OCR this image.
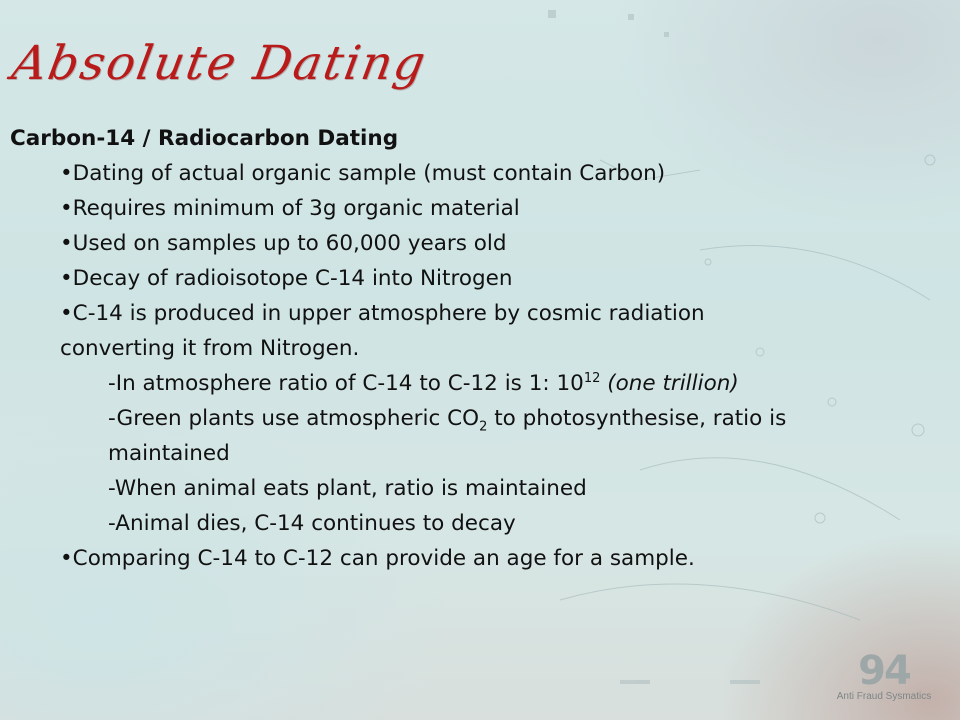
Absolute Dating

Carbon-14 / Radiocarbon Dating

•Dating of actual organic sample (must contain Carbon)

•Requires minimum of 3g organic material

•Used on samples up to 60,000 years old

•Decay of radioisotope C-14 into Nitrogen

•C-14 is produced in upper atmosphere by cosmic radiation

converting it from Nitrogen.

-In atmosphere ratio of C-14 to C-12 is 1: $10^{12}$ (one trillion)

-Green plants use atmospheric $CO_2$ to photosynthesise, ratio is

maintained

-When animal eats plant, ratio is maintained

-Animal dies, C-14 continues to decay

•Comparing C-14 to C-12 can provide an age for a sample.

94
Anti Fraud Sysmatics
